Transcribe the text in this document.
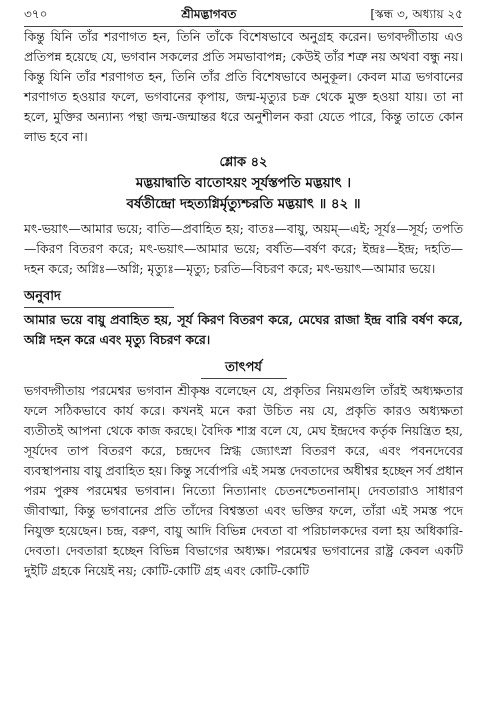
৩৭০	শ্রীমদ্ভাগবত	[স্কন্ধ ৩, অধ্যায় ২৫

কিন্তু যিনি তাঁর শরণাগত হন, তিনি তাঁকে বিশেষভাবে অনুগ্রহ করেন। ভগবদ্গীতায় এও প্রতিপন্ন হয়েছে যে, ভগবান সকলের প্রতি সমভাবাপন্ন; কেউই তাঁর শত্রু নয় অথবা বন্ধু নয়। কিন্তু যিনি তাঁর শরণাগত হন, তিনি তাঁর প্রতি বিশেষভাবে অনুকূল। কেবল মাত্র ভগবানের শরণাগত হওয়ার ফলে, ভগবানের কৃপায়, জন্ম-মৃত্যুর চক্র থেকে মুক্ত হওয়া যায়। তা না হলে, মুক্তির অন্যান্য পন্থা জন্ম-জন্মান্তর ধরে অনুশীলন করা যেতে পারে, কিন্তু তাতে কোন লাভ হবে না।

শ্লোক ৪২
মদ্ভয়াদ্বাতি বাতোঽয়ং সূর্যস্তপতি মদ্ভয়াৎ ।
বর্ষতীন্দ্রো দহত্যগ্নির্মৃত্যুশ্চরতি মদ্ভয়াৎ ॥ ৪২ ॥

মৎ-ভয়াৎ—আমার ভয়ে; বাতি—প্রবাহিত হয়; বাতঃ—বায়ু, অয়ম্—এই; সূর্যঃ—সূর্য; তপতি—কিরণ বিতরণ করে; মৎ-ভয়াৎ—আমার ভয়ে; বর্ষতি—বর্ষণ করে; ইন্দ্রঃ—ইন্দ্র; দহতি—দহন করে; অগ্নিঃ—অগ্নি; মৃত্যুঃ—মৃত্যু; চরতি—বিচরণ করে; মৎ-ভয়াৎ—আমার ভয়ে।

অনুবাদ

আমার ভয়ে বায়ু প্রবাহিত হয়, সূর্য কিরণ বিতরণ করে, মেঘের রাজা ইন্দ্র বারি বর্ষণ করে, অগ্নি দহন করে এবং মৃত্যু বিচরণ করে।

তাৎপর্য

ভগবদ্গীতায় পরমেশ্বর ভগবান শ্রীকৃষ্ণ বলেছেন যে, প্রকৃতির নিয়মগুলি তাঁরই অধ্যক্ষতার ফলে সঠিকভাবে কার্য করে। কখনই মনে করা উচিত নয় যে, প্রকৃতি কারও অধ্যক্ষতা ব্যতীতই আপনা থেকে কাজ করছে। বৈদিক শাস্ত্র বলে যে, মেঘ ইন্দ্রদেব কর্তৃক নিয়ন্ত্রিত হয়, সূর্যদেব তাপ বিতরণ করে, চন্দ্রদেব স্নিগ্ধ জ্যোৎস্না বিতরণ করে, এবং পবনদেবের ব্যবস্থাপনায় বায়ু প্রবাহিত হয়। কিন্তু সর্বোপরি এই সমস্ত দেবতাদের অধীশ্বর হচ্ছেন সর্ব প্রধান পরম পুরুষ পরমেশ্বর ভগবান। নিত্যো নিত্যানাং চেতনশ্চেতনানাম্। দেবতারাও সাধারণ জীবাত্মা, কিন্তু ভগবানের প্রতি তাঁদের বিশ্বস্ততা এবং ভক্তির ফলে, তাঁরা এই সমস্ত পদে নিযুক্ত হয়েছেন। চন্দ্র, বরুণ, বায়ু আদি বিভিন্ন দেবতা বা পরিচালকদের বলা হয় অধিকারি-দেবতা। দেবতারা হচ্ছেন বিভিন্ন বিভাগের অধ্যক্ষ। পরমেশ্বর ভগবানের রাষ্ট্র কেবল একটি দুইটি গ্রহকে নিয়েই নয়; কোটি-কোটি গ্রহ এবং কোটি-কোটি
